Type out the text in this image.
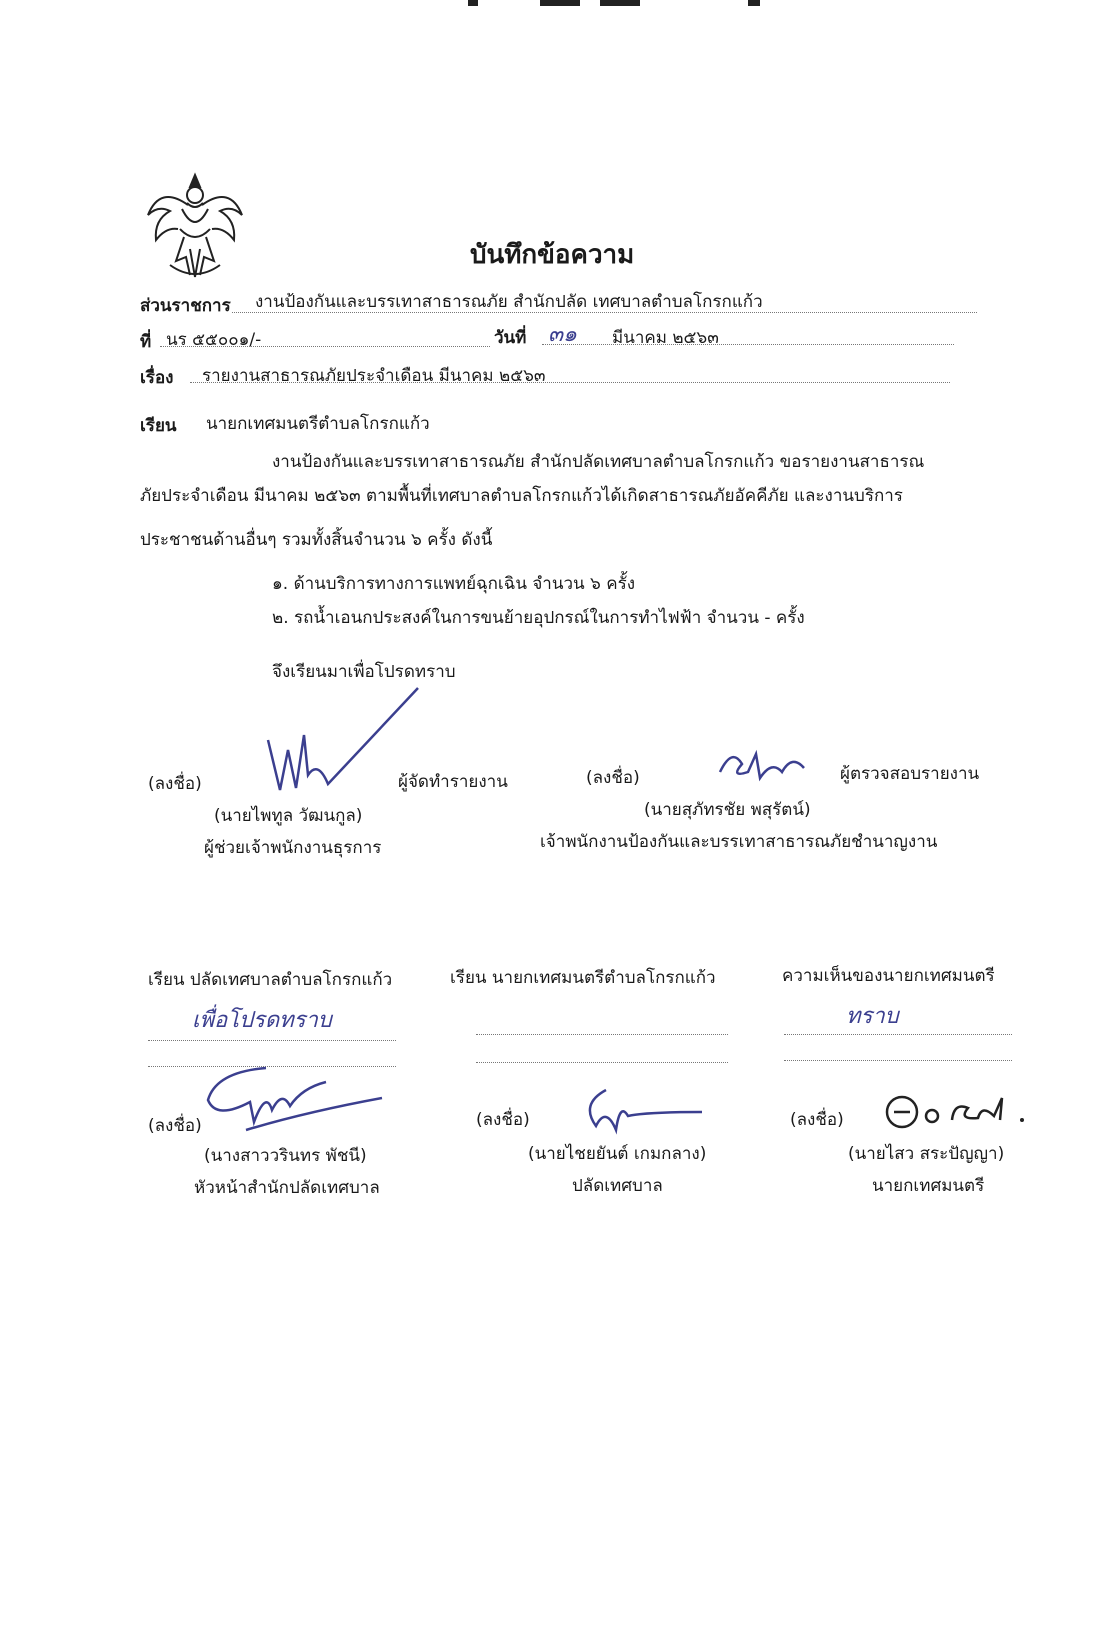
บันทึกข้อความ
ส่วนราชการ งานป้องกันและบรรเทาสาธารณภัย สำนักปลัด เทศบาลตำบลโกรกแก้ว
ที่ นร ๕๕๐๐๑/-	วันที่ ๓๑ มีนาคม ๒๕๖๓
เรื่อง รายงานสาธารณภัยประจำเดือน มีนาคม ๒๕๖๓
เรียน นายกเทศมนตรีตำบลโกรกแก้ว
งานป้องกันและบรรเทาสาธารณภัย สำนักปลัดเทศบาลตำบลโกรกแก้ว ขอรายงานสาธารณ
ภัยประจำเดือน มีนาคม ๒๕๖๓ ตามพื้นที่เทศบาลตำบลโกรกแก้วได้เกิดสาธารณภัยอัคคีภัย และงานบริการ
ประชาชนด้านอื่นๆ รวมทั้งสิ้นจำนวน ๖ ครั้ง ดังนี้
๑. ด้านบริการทางการแพทย์ฉุกเฉิน จำนวน ๖ ครั้ง
๒. รถน้ำเอนกประสงค์ในการขนย้ายอุปกรณ์ในการทำไฟฟ้า จำนวน - ครั้ง
จึงเรียนมาเพื่อโปรดทราบ
(ลงชื่อ)	ผู้จัดทำรายงาน
(นายไพทูล วัฒนกูล)
ผู้ช่วยเจ้าพนักงานธุรการ
(ลงชื่อ)	ผู้ตรวจสอบรายงาน
(นายสุภัทรชัย พสุรัตน์)
เจ้าพนักงานป้องกันและบรรเทาสาธารณภัยชำนาญงาน
เรียน ปลัดเทศบาลตำบลโกรกแก้ว
เพื่อโปรดทราบ
เรียน นายกเทศมนตรีตำบลโกรกแก้ว	ความเห็นของนายกเทศมนตรี
ทราบ
(ลงชื่อ)
(นางสาววรินทร พัชนี)
หัวหน้าสำนักปลัดเทศบาล
(ลงชื่อ)
(นายไชยยันต์ เกมกลาง)
ปลัดเทศบาล
(ลงชื่อ)
(นายไสว สระปัญญา)
นายกเทศมนตรี
